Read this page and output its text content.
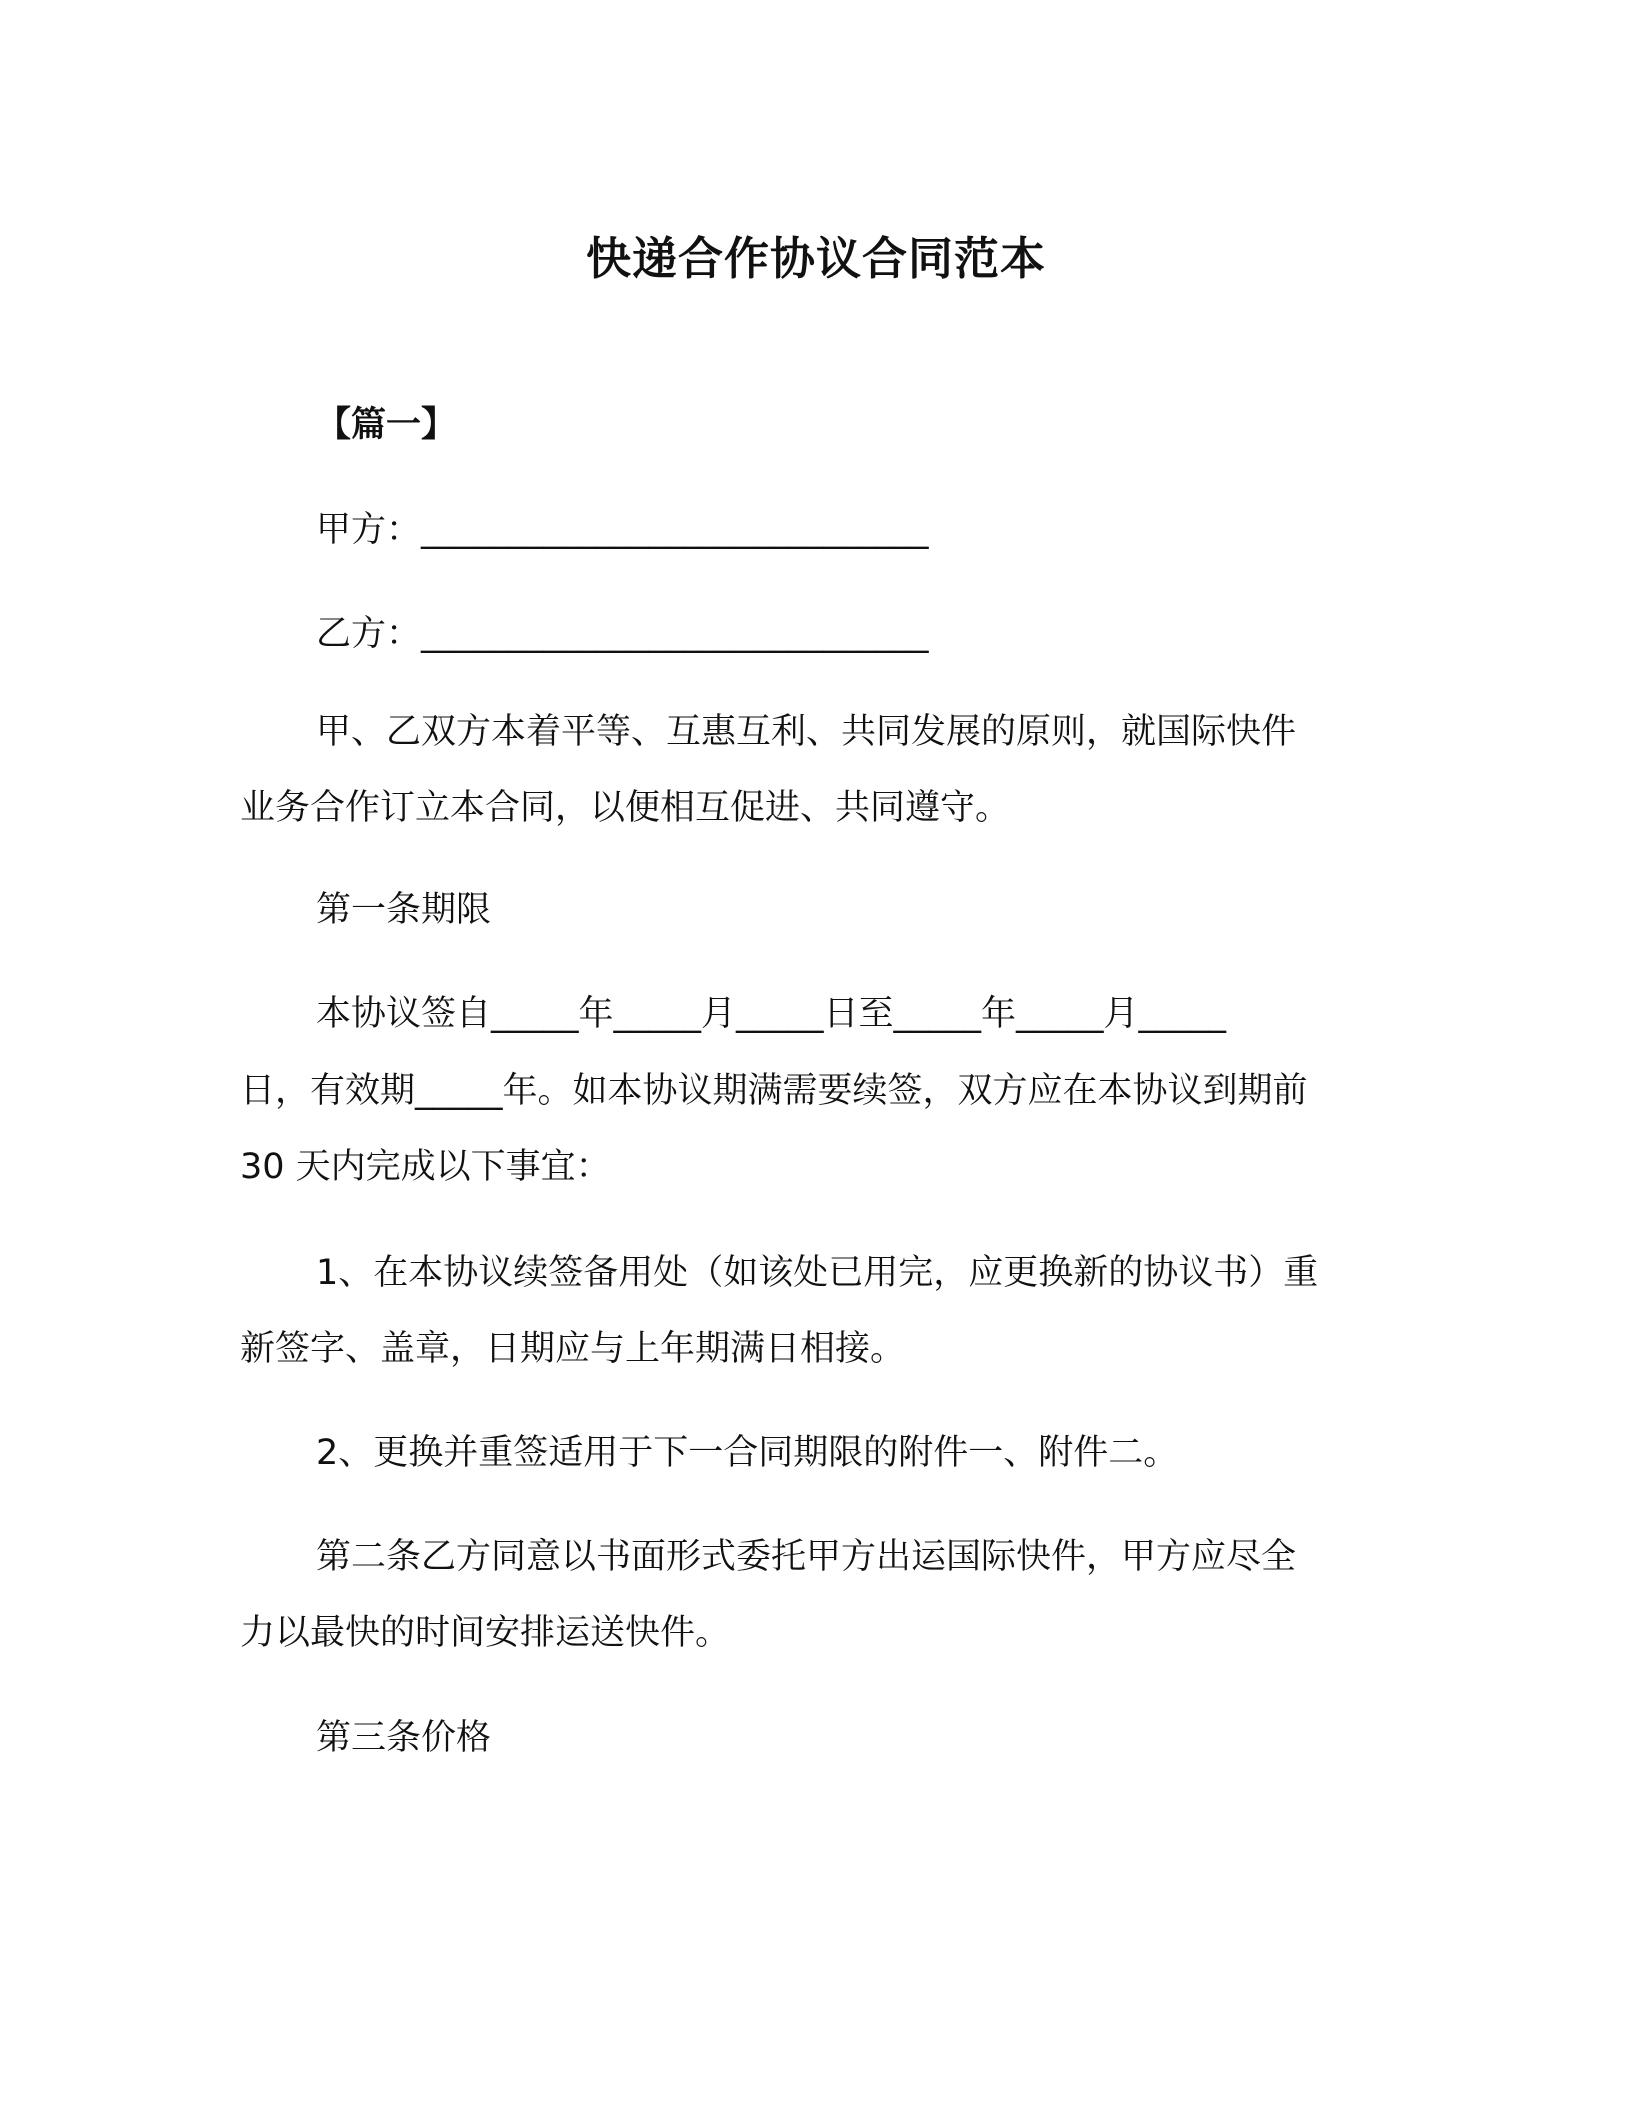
快递合作协议合同范本
【篇一】
甲方：_____________________________
乙方：_____________________________
甲、乙双方本着平等、互惠互利、共同发展的原则，就国际快件
业务合作订立本合同，以便相互促进、共同遵守。
第一条期限
本协议签自_____年_____月_____日至_____年_____月_____
日，有效期_____年。如本协议期满需要续签，双方应在本协议到期前
30 天内完成以下事宜：
1、在本协议续签备用处（如该处已用完，应更换新的协议书）重
新签字、盖章，日期应与上年期满日相接。
2、更换并重签适用于下一合同期限的附件一、附件二。
第二条乙方同意以书面形式委托甲方出运国际快件，甲方应尽全
力以最快的时间安排运送快件。
第三条价格
